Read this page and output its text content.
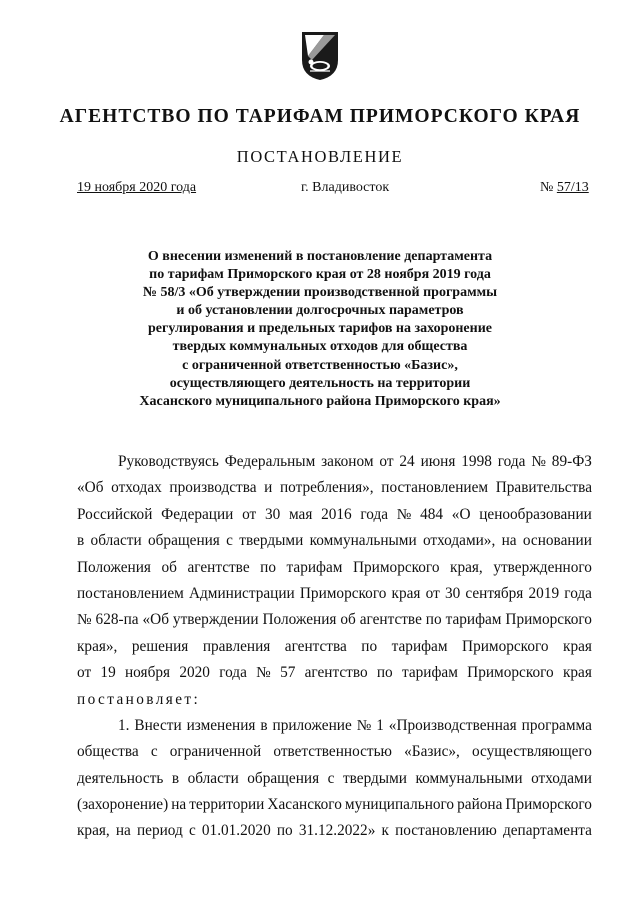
АГЕНТСТВО ПО ТАРИФАМ ПРИМОРСКОГО КРАЯ
ПОСТАНОВЛЕНИЕ
19 ноября 2020 года	г. Владивосток	№ 57/13
О внесении изменений в постановление департамента
по тарифам Приморского края от 28 ноября 2019 года
№ 58/3 «Об утверждении производственной программы
и об установлении долгосрочных параметров
регулирования и предельных тарифов на захоронение
твердых коммунальных отходов для общества
с ограниченной ответственностью «Базис»,
осуществляющего деятельность на территории
Хасанского муниципального района Приморского края»
Руководствуясь Федеральным законом от 24 июня 1998 года № 89-ФЗ
«Об отходах производства и потребления», постановлением Правительства
Российской Федерации от 30 мая 2016 года № 484 «О ценообразовании
в области обращения с твердыми коммунальными отходами», на основании
Положения об агентстве по тарифам Приморского края, утвержденного
постановлением Администрации Приморского края от 30 сентября 2019 года
№ 628-па «Об утверждении Положения об агентстве по тарифам Приморского
края», решения правления агентства по тарифам Приморского края
от 19 ноября 2020 года № 57 агентство по тарифам Приморского края
постановляет:
1. Внести изменения в приложение № 1 «Производственная программа
общества с ограниченной ответственностью «Базис», осуществляющего
деятельность в области обращения с твердыми коммунальными отходами
(захоронение) на территории Хасанского муниципального района Приморского
края, на период с 01.01.2020 по 31.12.2022» к постановлению департамента
